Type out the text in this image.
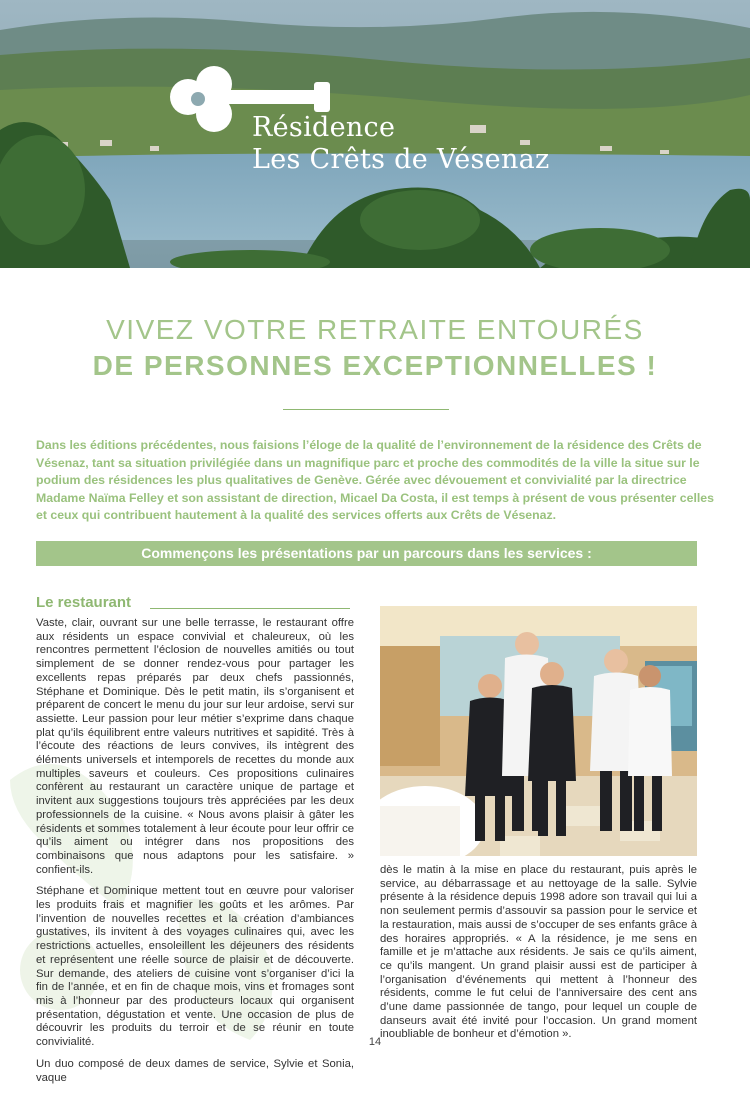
Résidence
Les Crêts de Vésenaz
VIVEZ VOTRE RETRAITE ENTOURÉS
DE PERSONNES EXCEPTIONNELLES !
Dans les éditions précédentes, nous faisions l’éloge de la qualité de l’environnement de la résidence des Crêts de Vésenaz, tant sa situation privilégiée dans un magnifique parc et proche des commodités de la ville la situe sur le podium des résidences les plus qualitatives de Genève. Gérée avec dévouement et convivialité par la directrice Madame Naïma Felley et son assistant de direction, Micael Da Costa, il est temps à présent de vous présenter celles et ceux qui contribuent hautement à la qualité des services offerts aux Crêts de Vésenaz.
Commençons les présentations par un parcours dans les services :
Le restaurant

Vaste, clair, ouvrant sur une belle terrasse, le restaurant offre aux résidents un espace convivial et chaleureux, où les rencontres permettent l’éclosion de nouvelles amitiés ou tout simplement de se donner rendez-vous pour partager les excellents repas préparés par deux chefs passionnés, Stéphane et Dominique. Dès le petit matin, ils s’organisent et préparent de concert le menu du jour sur leur ardoise, servi sur assiette. Leur passion pour leur métier s’exprime dans chaque plat qu’ils équilibrent entre valeurs nutritives et sapidité. Très à l’écoute des réactions de leurs convives, ils intègrent des éléments universels et intemporels de recettes du monde aux multiples saveurs et couleurs. Ces propositions culinaires confèrent au restaurant un caractère unique de partage et invitent aux suggestions toujours très appréciées par les deux professionnels de la cuisine. « Nous avons plaisir à gâter les résidents et sommes totalement à leur écoute pour leur offrir ce qu’ils aiment ou intégrer dans nos propositions des combinaisons que nous adaptons pour les satisfaire. » confient-ils.

Stéphane et Dominique mettent tout en œuvre pour valoriser les produits frais et magnifier les goûts et les arômes. Par l’invention de nouvelles recettes et la création d’ambiances gustatives, ils invitent à des voyages culinaires qui, avec les restrictions actuelles, ensoleillent les déjeuners des résidents et représentent une réelle source de plaisir et de découverte. Sur demande, des ateliers de cuisine vont s’organiser d’ici la fin de l’année, et en fin de chaque mois, vins et fromages sont mis à l’honneur par des producteurs locaux qui organisent présentation, dégustation et vente. Une occasion de plus de découvrir les produits du terroir et de se réunir en toute convivialité.

Un duo composé de deux dames de service, Sylvie et Sonia, vaque

dès le matin à la mise en place du restaurant, puis après le service, au débarrassage et au nettoyage de la salle. Sylvie présente à la résidence depuis 1998 adore son travail qui lui a non seulement permis d’assouvir sa passion pour le service et la restauration, mais aussi de s’occuper de ses enfants grâce à des horaires appropriés. « A la résidence, je me sens en famille et je m’attache aux résidents. Je sais ce qu’ils aiment, ce qu’ils mangent. Un grand plaisir aussi est de participer à l’organisation d’événements qui mettent à l’honneur des résidents, comme le fut celui de l’anniversaire des cent ans d’une dame passionnée de tango, pour lequel un couple de danseurs avait été invité pour l’occasion. Un grand moment inoubliable de bonheur et d’émotion ».

14
